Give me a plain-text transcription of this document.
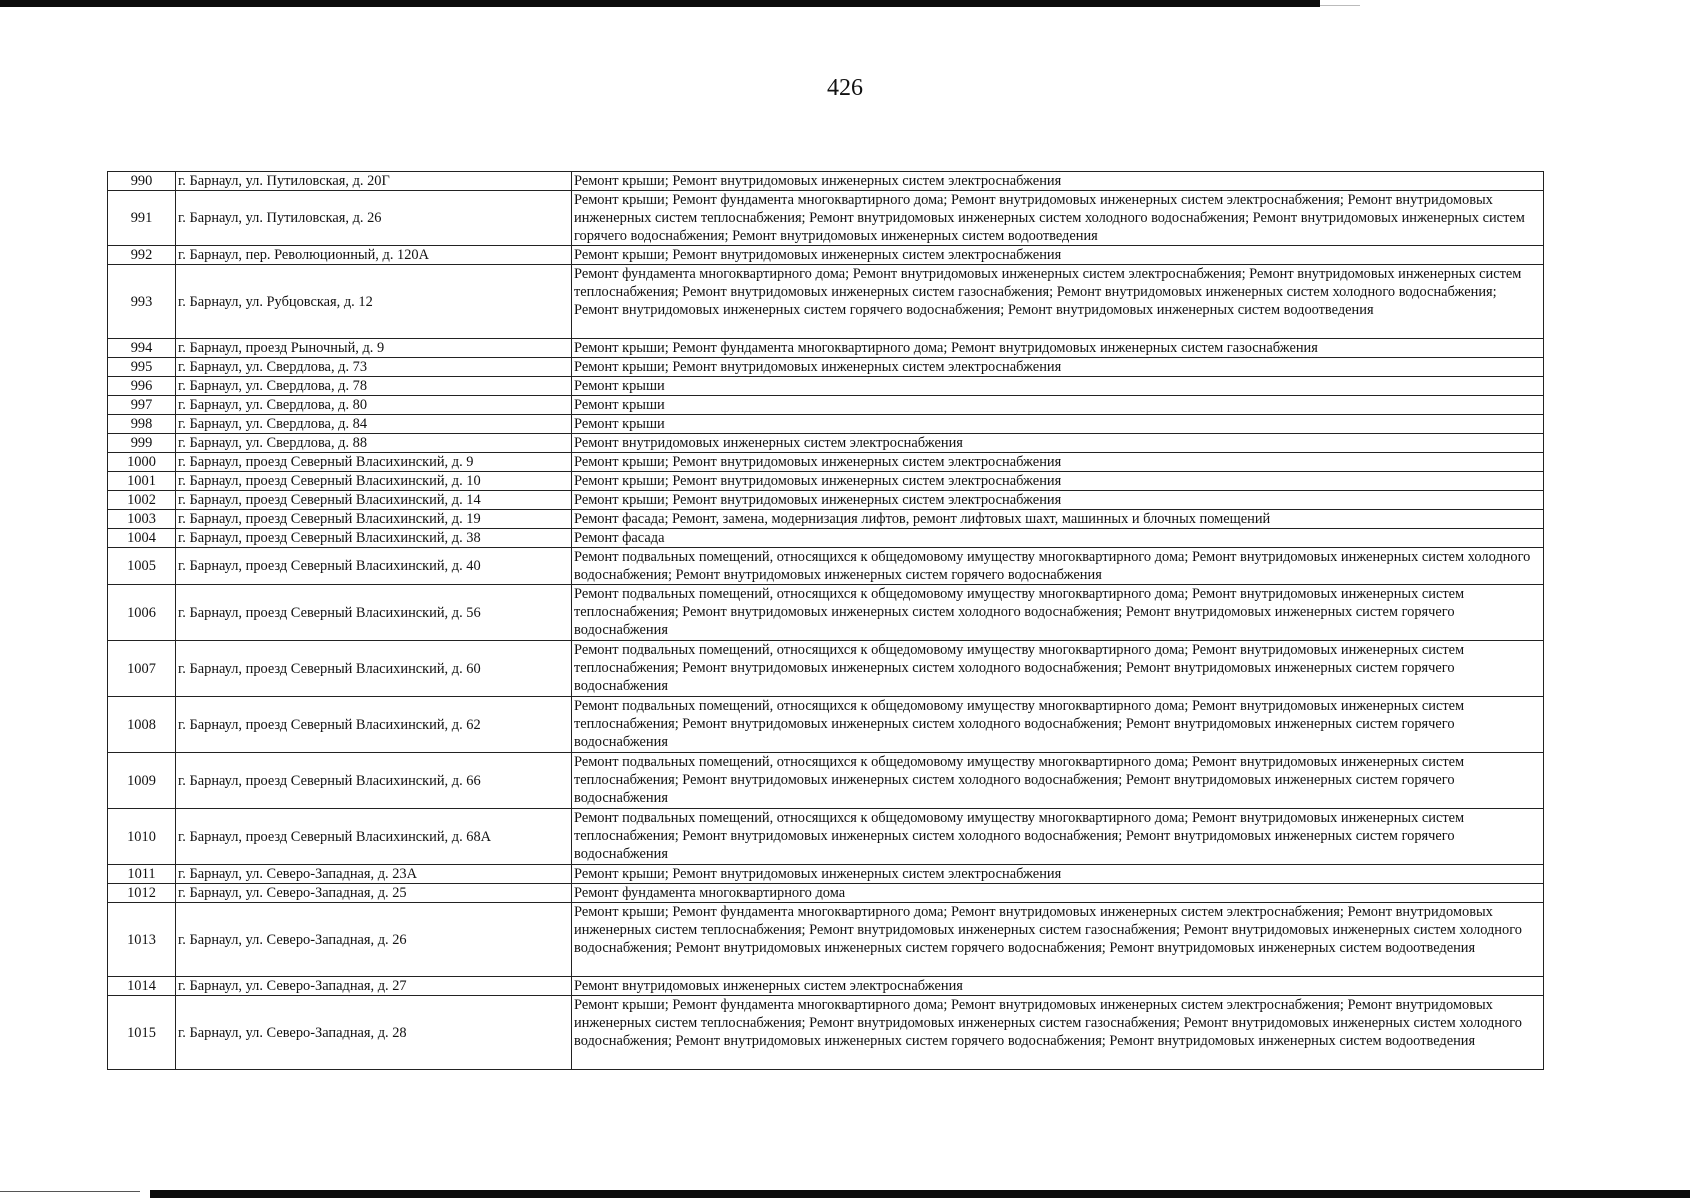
426
990	г. Барнаул, ул. Путиловская, д. 20Г	Ремонт крыши; Ремонт внутридомовых инженерных систем электроснабжения
991	г. Барнаул, ул. Путиловская, д. 26	Ремонт крыши; Ремонт фундамента многоквартирного дома; Ремонт внутридомовых инженерных систем электроснабжения; Ремонт внутридомовых инженерных систем теплоснабжения; Ремонт внутридомовых инженерных систем холодного водоснабжения; Ремонт внутридомовых инженерных систем горячего водоснабжения; Ремонт внутридомовых инженерных систем водоотведения
992	г. Барнаул, пер. Революционный, д. 120А	Ремонт крыши; Ремонт внутридомовых инженерных систем электроснабжения
993	г. Барнаул, ул. Рубцовская, д. 12	Ремонт фундамента многоквартирного дома; Ремонт внутридомовых инженерных систем электроснабжения; Ремонт внутридомовых инженерных систем теплоснабжения; Ремонт внутридомовых инженерных систем газоснабжения; Ремонт внутридомовых инженерных систем холодного водоснабжения; Ремонт внутридомовых инженерных систем горячего водоснабжения; Ремонт внутридомовых инженерных систем водоотведения
994	г. Барнаул, проезд Рыночный, д. 9	Ремонт крыши; Ремонт фундамента многоквартирного дома; Ремонт внутридомовых инженерных систем газоснабжения
995	г. Барнаул, ул. Свердлова, д. 73	Ремонт крыши; Ремонт внутридомовых инженерных систем электроснабжения
996	г. Барнаул, ул. Свердлова, д. 78	Ремонт крыши
997	г. Барнаул, ул. Свердлова, д. 80	Ремонт крыши
998	г. Барнаул, ул. Свердлова, д. 84	Ремонт крыши
999	г. Барнаул, ул. Свердлова, д. 88	Ремонт внутридомовых инженерных систем электроснабжения
1000	г. Барнаул, проезд Северный Власихинский, д. 9	Ремонт крыши; Ремонт внутридомовых инженерных систем электроснабжения
1001	г. Барнаул, проезд Северный Власихинский, д. 10	Ремонт крыши; Ремонт внутридомовых инженерных систем электроснабжения
1002	г. Барнаул, проезд Северный Власихинский, д. 14	Ремонт крыши; Ремонт внутридомовых инженерных систем электроснабжения
1003	г. Барнаул, проезд Северный Власихинский, д. 19	Ремонт фасада; Ремонт, замена, модернизация лифтов, ремонт лифтовых шахт, машинных и блочных помещений
1004	г. Барнаул, проезд Северный Власихинский, д. 38	Ремонт фасада
1005	г. Барнаул, проезд Северный Власихинский, д. 40	Ремонт подвальных помещений, относящихся к общедомовому имуществу многоквартирного дома; Ремонт внутридомовых инженерных систем холодного водоснабжения; Ремонт внутридомовых инженерных систем горячего водоснабжения
1006	г. Барнаул, проезд Северный Власихинский, д. 56	Ремонт подвальных помещений, относящихся к общедомовому имуществу многоквартирного дома; Ремонт внутридомовых инженерных систем теплоснабжения; Ремонт внутридомовых инженерных систем холодного водоснабжения; Ремонт внутридомовых инженерных систем горячего водоснабжения
1007	г. Барнаул, проезд Северный Власихинский, д. 60	Ремонт подвальных помещений, относящихся к общедомовому имуществу многоквартирного дома; Ремонт внутридомовых инженерных систем теплоснабжения; Ремонт внутридомовых инженерных систем холодного водоснабжения; Ремонт внутридомовых инженерных систем горячего водоснабжения
1008	г. Барнаул, проезд Северный Власихинский, д. 62	Ремонт подвальных помещений, относящихся к общедомовому имуществу многоквартирного дома; Ремонт внутридомовых инженерных систем теплоснабжения; Ремонт внутридомовых инженерных систем холодного водоснабжения; Ремонт внутридомовых инженерных систем горячего водоснабжения
1009	г. Барнаул, проезд Северный Власихинский, д. 66	Ремонт подвальных помещений, относящихся к общедомовому имуществу многоквартирного дома; Ремонт внутридомовых инженерных систем теплоснабжения; Ремонт внутридомовых инженерных систем холодного водоснабжения; Ремонт внутридомовых инженерных систем горячего водоснабжения
1010	г. Барнаул, проезд Северный Власихинский, д. 68А	Ремонт подвальных помещений, относящихся к общедомовому имуществу многоквартирного дома; Ремонт внутридомовых инженерных систем теплоснабжения; Ремонт внутридомовых инженерных систем холодного водоснабжения; Ремонт внутридомовых инженерных систем горячего водоснабжения
1011	г. Барнаул, ул. Северо-Западная, д. 23А	Ремонт крыши; Ремонт внутридомовых инженерных систем электроснабжения
1012	г. Барнаул, ул. Северо-Западная, д. 25	Ремонт фундамента многоквартирного дома
1013	г. Барнаул, ул. Северо-Западная, д. 26	Ремонт крыши; Ремонт фундамента многоквартирного дома; Ремонт внутридомовых инженерных систем электроснабжения; Ремонт внутридомовых инженерных систем теплоснабжения; Ремонт внутридомовых инженерных систем газоснабжения; Ремонт внутридомовых инженерных систем холодного водоснабжения; Ремонт внутридомовых инженерных систем горячего водоснабжения; Ремонт внутридомовых инженерных систем водоотведения
1014	г. Барнаул, ул. Северо-Западная, д. 27	Ремонт внутридомовых инженерных систем электроснабжения
1015	г. Барнаул, ул. Северо-Западная, д. 28	Ремонт крыши; Ремонт фундамента многоквартирного дома; Ремонт внутридомовых инженерных систем электроснабжения; Ремонт внутридомовых инженерных систем теплоснабжения; Ремонт внутридомовых инженерных систем газоснабжения; Ремонт внутридомовых инженерных систем холодного водоснабжения; Ремонт внутридомовых инженерных систем горячего водоснабжения; Ремонт внутридомовых инженерных систем водоотведения
